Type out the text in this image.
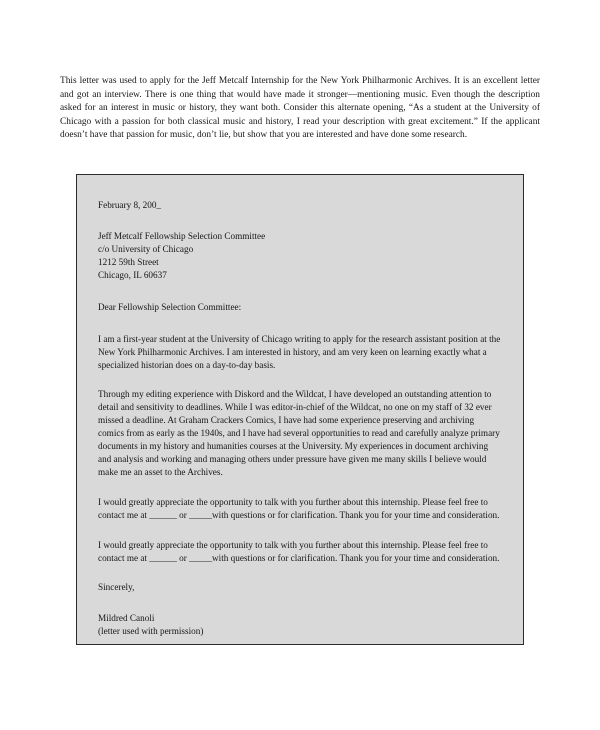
This letter was used to apply for the Jeff Metcalf Internship for the New York Philharmonic Archives. It is an excellent letter and got an interview. There is one thing that would have made it stronger—mentioning music. Even though the description asked for an interest in music or history, they want both. Consider this alternate opening, “As a student at the University of Chicago with a passion for both classical music and history, I read your description with great excitement.” If the applicant doesn’t have that passion for music, don’t lie, but show that you are interested and have done some research.

February 8, 200_
Jeff Metcalf Fellowship Selection Committee
c/o University of Chicago
1212 59th Street
Chicago, IL 60637
Dear Fellowship Selection Committee:
I am a first-year student at the University of Chicago writing to apply for the research assistant position at the New York Philharmonic Archives. I am interested in history, and am very keen on learning exactly what a specialized historian does on a day-to-day basis.
Through my editing experience with Diskord and the Wildcat, I have developed an outstanding attention to detail and sensitivity to deadlines. While I was editor-in-chief of the Wildcat, no one on my staff of 32 ever missed a deadline. At Graham Crackers Comics, I have had some experience preserving and archiving comics from as early as the 1940s, and I have had several opportunities to read and carefully analyze primary documents in my history and humanities courses at the University. My experiences in document archiving and analysis and working and managing others under pressure have given me many skills I believe would make me an asset to the Archives.
I would greatly appreciate the opportunity to talk with you further about this internship. Please feel free to contact me at ______ or _____with questions or for clarification. Thank you for your time and consideration.
I would greatly appreciate the opportunity to talk with you further about this internship. Please feel free to contact me at ______ or _____with questions or for clarification. Thank you for your time and consideration.
Sincerely,
Mildred Canoli
(letter used with permission)
